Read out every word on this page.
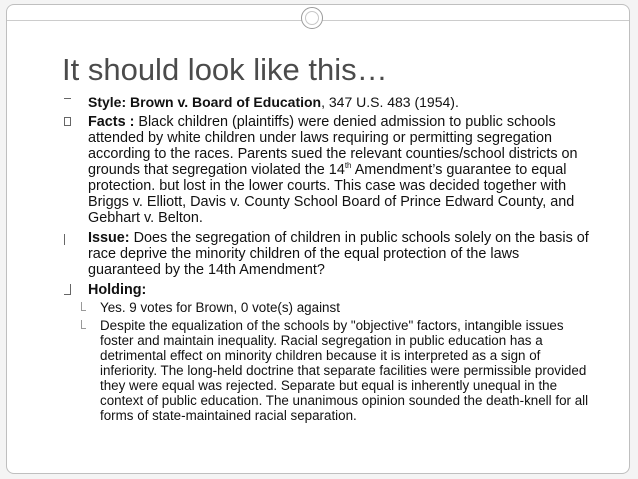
It should look like this…
Style: Brown v. Board of Education, 347 U.S. 483 (1954).
Facts : Black children (plaintiffs) were denied admission to public schools attended by white children under laws requiring or permitting segregation according to the races. Parents sued the relevant counties/school districts on grounds that segregation violated the 14th Amendment’s guarantee to equal protection. but lost in the lower courts. This case was decided together with Briggs v. Elliott, Davis v. County School Board of Prince Edward County, and Gebhart v. Belton.
Issue: Does the segregation of children in public schools solely on the basis of race deprive the minority children of the equal protection of the laws guaranteed by the 14th Amendment?
Holding:
Yes. 9 votes for Brown, 0 vote(s) against
Despite the equalization of the schools by "objective" factors, intangible issues foster and maintain inequality. Racial segregation in public education has a detrimental effect on minority children because it is interpreted as a sign of inferiority. The long-held doctrine that separate facilities were permissible provided they were equal was rejected. Separate but equal is inherently unequal in the context of public education. The unanimous opinion sounded the death-knell for all forms of state-maintained racial separation.
